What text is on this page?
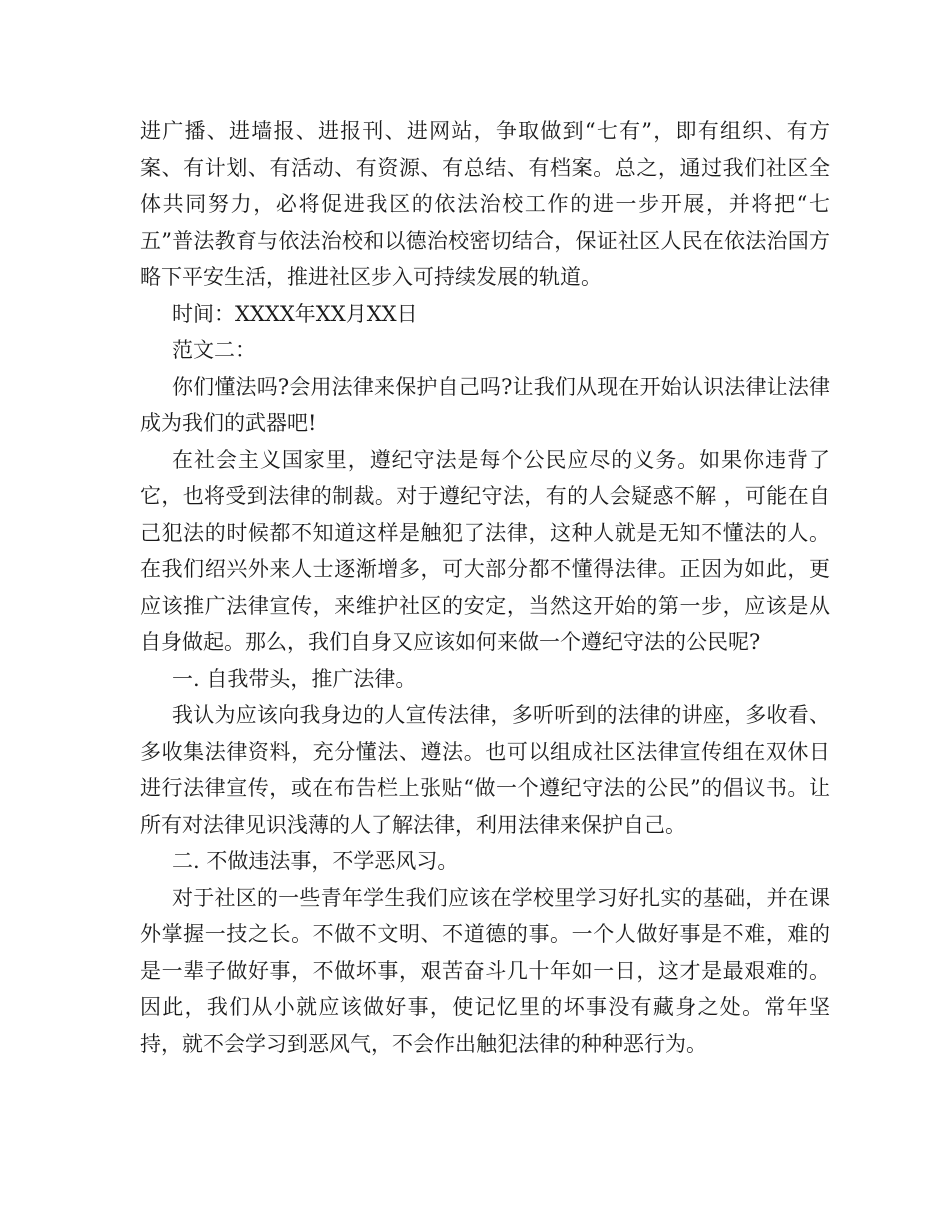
进广播、进墙报、进报刊、进网站，争取做到“七有”，即有组织、有方案、有计划、有活动、有资源、有总结、有档案。总之，通过我们社区全体共同努力，必将促进我区的依法治校工作的进一步开展，并将把“七五”普法教育与依法治校和以德治校密切结合，保证社区人民在依法治国方略下平安生活，推进社区步入可持续发展的轨道。

时间：XXXX年XX月XX日

范文二：

你们懂法吗?会用法律来保护自己吗?让我们从现在开始认识法律让法律成为我们的武器吧!

在社会主义国家里，遵纪守法是每个公民应尽的义务。如果你违背了它，也将受到法律的制裁。对于遵纪守法，有的人会疑惑不解 ，可能在自己犯法的时候都不知道这样是触犯了法律，这种人就是无知不懂法的人。在我们绍兴外来人士逐渐增多，可大部分都不懂得法律。正因为如此，更应该推广法律宣传，来维护社区的安定，当然这开始的第一步，应该是从自身做起。那么，我们自身又应该如何来做一个遵纪守法的公民呢?

一. 自我带头，推广法律。

我认为应该向我身边的人宣传法律，多听听到的法律的讲座，多收看、多收集法律资料，充分懂法、遵法。也可以组成社区法律宣传组在双休日进行法律宣传，或在布告栏上张贴“做一个遵纪守法的公民”的倡议书。让所有对法律见识浅薄的人了解法律，利用法律来保护自己。

二. 不做违法事，不学恶风习。

对于社区的一些青年学生我们应该在学校里学习好扎实的基础，并在课外掌握一技之长。不做不文明、不道德的事。一个人做好事是不难，难的是一辈子做好事，不做坏事，艰苦奋斗几十年如一日，这才是最艰难的。因此，我们从小就应该做好事，使记忆里的坏事没有藏身之处。常年坚持，就不会学习到恶风气，不会作出触犯法律的种种恶行为。
